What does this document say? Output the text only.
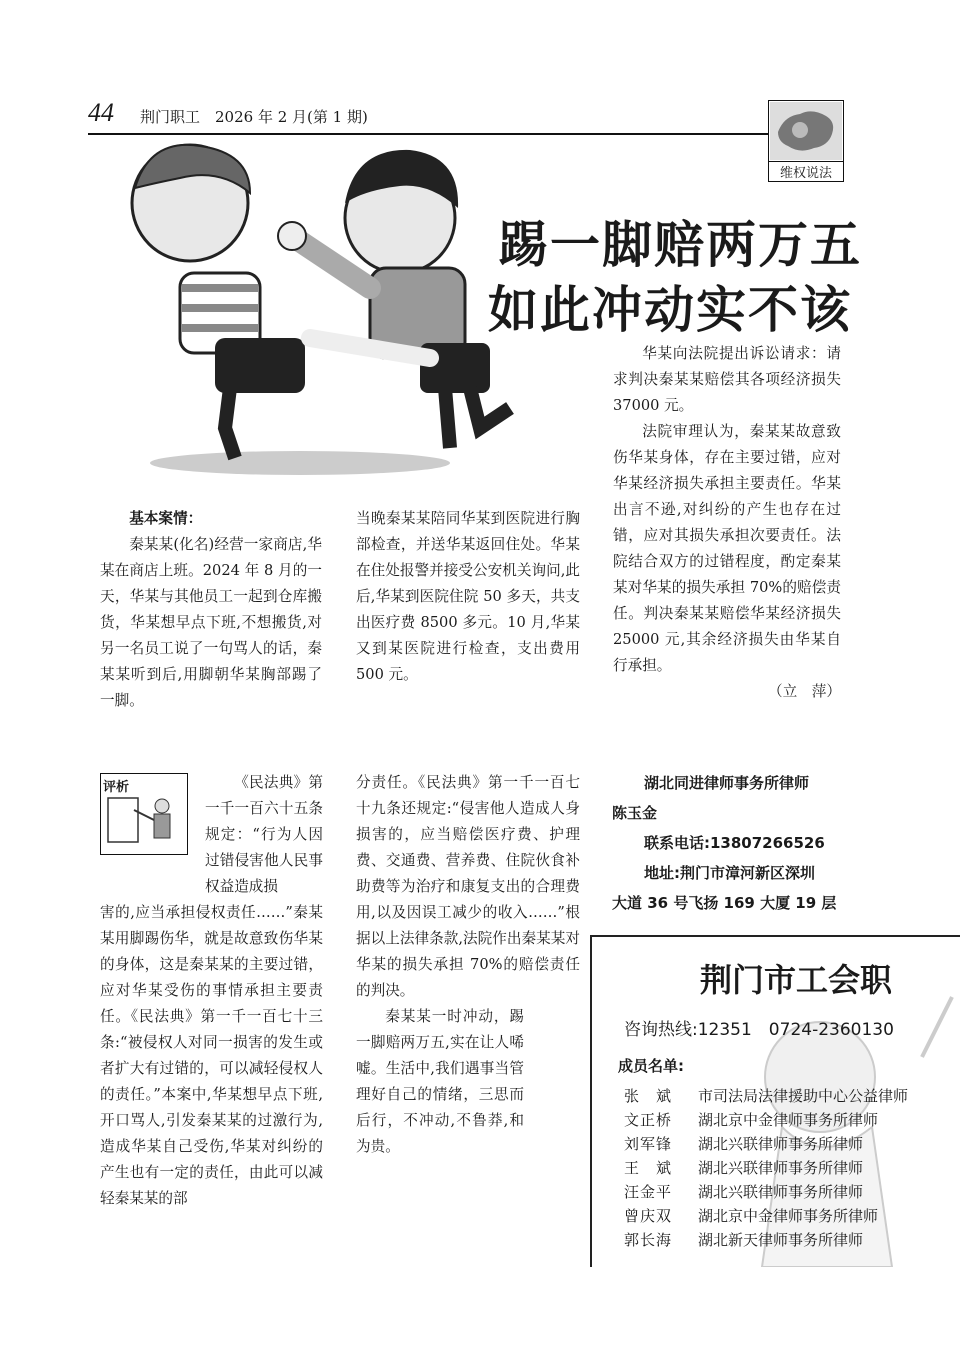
44 荆门职工　2026 年 2 月(第 1 期)
维权说法
踢一脚赔两万五
如此冲动实不该

基本案情：

秦某某(化名)经营一家商店,华某在商店上班。2024 年 8 月的一天，华某与其他员工一起到仓库搬货，华某想早点下班,不想搬货,对另一名员工说了一句骂人的话，秦某某听到后,用脚朝华某胸部踢了一脚。

当晚秦某某陪同华某到医院进行胸部检查，并送华某返回住处。华某在住处报警并接受公安机关询问,此后,华某到医院住院 50 多天，共支出医疗费 8500 多元。10 月,华某又到某医院进行检查，支出费用 500 元。

华某向法院提出诉讼请求：请求判决秦某某赔偿其各项经济损失 37000 元。

法院审理认为，秦某某故意致伤华某身体，存在主要过错，应对华某经济损失承担主要责任。华某出言不逊,对纠纷的产生也存在过错，应对其损失承担次要责任。法院结合双方的过错程度，酌定秦某某对华某的损失承担 70%的赔偿责任。判决秦某某赔偿华某经济损失 25000 元,其余经济损失由华某自行承担。

（立　萍）

评析	《民法典》第一千一百六十五条规定：“行为人因过错侵害他人民事权益造成损

害的,应当承担侵权责任……”秦某某用脚踢伤华，就是故意致伤华某的身体，这是秦某某的主要过错，应对华某受伤的事情承担主要责任。《民法典》第一千一百七十三条:“被侵权人对同一损害的发生或者扩大有过错的，可以减轻侵权人的责任。”本案中,华某想早点下班,开口骂人,引发秦某某的过激行为,造成华某自己受伤,华某对纠纷的产生也有一定的责任，由此可以减轻秦某某的部

分责任。《民法典》第一千一百七十九条还规定:“侵害他人造成人身损害的，应当赔偿医疗费、护理费、交通费、营养费、住院伙食补助费等为治疗和康复支出的合理费用,以及因误工减少的收入……”根据以上法律条款,法院作出秦某某对华某的损失承担 70%的赔偿责任的判决。

秦某某一时冲动，踢一脚赔两万五,实在让人唏嘘。生活中,我们遇事当管理好自己的情绪，三思而后行，不冲动,不鲁莽,和为贵。

湖北同进律师事务所律师
陈玉金
联系电话:13807266526
地址:荆门市漳河新区深圳
大道 36 号飞扬 169 大厦 19 层
荆门市工会职
咨询热线:12351　0724-2360130
成员名单:
张　斌	市司法局法律援助中心公益律师
文正桥	湖北京中金律师事务所律师
刘军锋	湖北兴联律师事务所律师
王　斌	湖北兴联律师事务所律师
汪金平	湖北兴联律师事务所律师
曾庆双	湖北京中金律师事务所律师
郭长海	湖北新天律师事务所律师
